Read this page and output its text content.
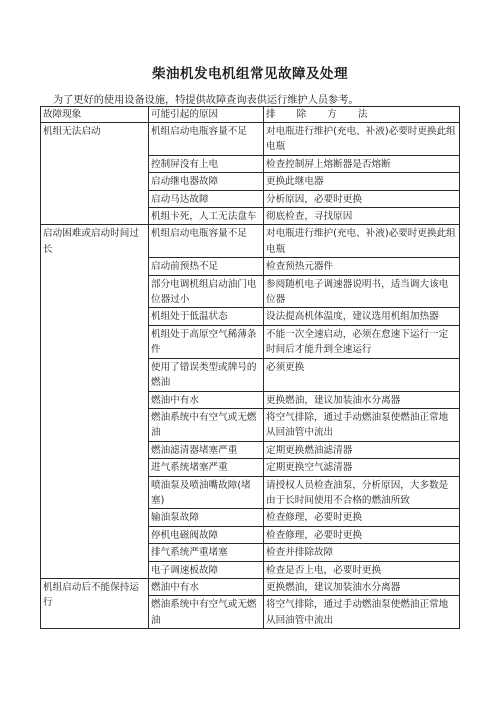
柴油机发电机组常见故障及处理
为了更好的使用设备设施，特提供故障查询表供运行维护人员参考。
故障现象	可能引起的原因	排 除 方 法
机组无法启动	机组启动电瓶容量不足	对电瓶进行维护(充电、补液)必要时更换此组电瓶
	控制屏没有上电	检查控制屏上熔断器是否熔断
	启动继电器故障	更换此继电器
	启动马达故障	分析原因，必要时更换
	机组卡死，人工无法盘车	彻底检查，寻找原因
启动困难或启动时间过长	机组启动电瓶容量不足	对电瓶进行维护(充电、补液)必要时更换此组电瓶
	启动前预热不足	检查预热元器件
	部分电调机组启动油门电位器过小	参阅随机电子调速器说明书，适当调大该电位器
	机组处于低温状态	设法提高机体温度，建议选用机组加热器
	机组处于高原空气稀薄条件	不能一次全速启动，必须在怠速下运行一定时间后才能升到全速运行
	使用了错误类型或牌号的燃油	必须更换
	燃油中有水	更换燃油，建议加装油水分离器
	燃油系统中有空气或无燃油	将空气排除，通过手动燃油泵使燃油正常地从回油管中流出
	燃油滤清器堵塞严重	定期更换燃油滤清器
	进气系统堵塞严重	定期更换空气滤清器
	喷油泵及喷油嘴故障(堵塞)	请授权人员检查油泵，分析原因，大多数是由于长时间使用不合格的燃油所致
	输油泵故障	检查修理，必要时更换
	停机电磁阀故障	检查修理，必要时更换
	排气系统严重堵塞	检查并排除故障
	电子调速板故障	检查是否上电，必要时更换
机组启动后不能保持运行	燃油中有水	更换燃油，建议加装油水分离器
	燃油系统中有空气或无燃油	将空气排除，通过手动燃油泵使燃油正常地从回油管中流出
